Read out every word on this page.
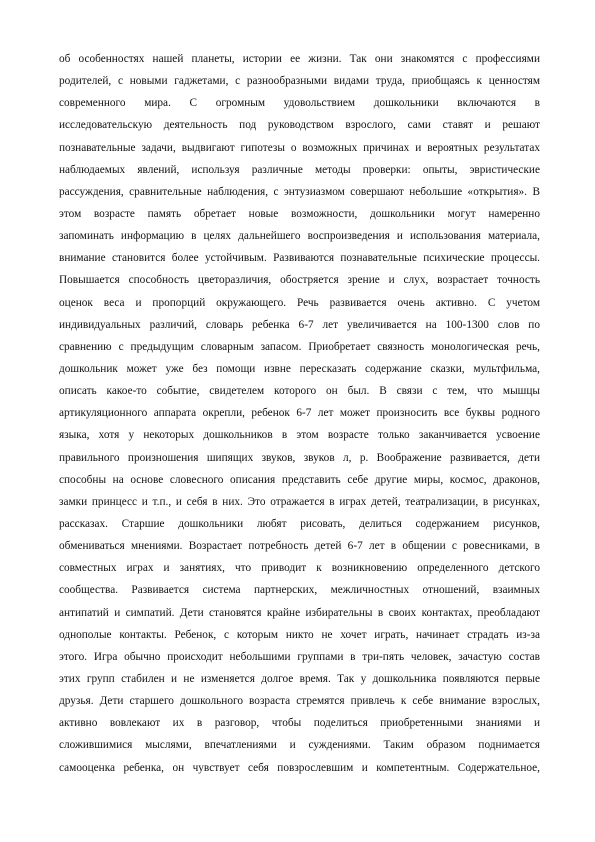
об особенностях нашей планеты, истории ее жизни. Так они знакомятся с профессиями
родителей, с новыми гаджетами, с разнообразными видами труда, приобщаясь к ценностям
современного мира. С огромным удовольствием дошкольники включаются в
исследовательскую деятельность под руководством взрослого, сами ставят и решают
познавательные задачи, выдвигают гипотезы о возможных причинах и вероятных результатах
наблюдаемых явлений, используя различные методы проверки: опыты, эвристические
рассуждения, сравнительные наблюдения, с энтузиазмом совершают небольшие «открытия». В
этом возрасте память обретает новые возможности, дошкольники могут намеренно
запоминать информацию в целях дальнейшего воспроизведения и использования материала,
внимание становится более устойчивым. Развиваются познавательные психические процессы.
Повышается способность цветоразличия, обостряется зрение и слух, возрастает точность
оценок веса и пропорций окружающего. Речь развивается очень активно. С учетом
индивидуальных различий, словарь ребенка 6-7 лет увеличивается на 100-1300 слов по
сравнению с предыдущим словарным запасом. Приобретает связность монологическая речь,
дошкольник может уже без помощи извне пересказать содержание сказки, мультфильма,
описать какое-то событие, свидетелем которого он был. В связи с тем, что мышцы
артикуляционного аппарата окрепли, ребенок 6-7 лет может произносить все буквы родного
языка, хотя у некоторых дошкольников в этом возрасте только заканчивается усвоение
правильного произношения шипящих звуков, звуков л, р. Воображение развивается, дети
способны на основе словесного описания представить себе другие миры, космос, драконов,
замки принцесс и т.п., и себя в них. Это отражается в играх детей, театрализации, в рисунках,
рассказах. Старшие дошкольники любят рисовать, делиться содержанием рисунков,
обмениваться мнениями. Возрастает потребность детей 6-7 лет в общении с ровесниками, в
совместных играх и занятиях, что приводит к возникновению определенного детского
сообщества. Развивается система партнерских, межличностных отношений, взаимных
антипатий и симпатий. Дети становятся крайне избирательны в своих контактах, преобладают
однополые контакты. Ребенок, с которым никто не хочет играть, начинает страдать из-за
этого. Игра обычно происходит небольшими группами в три-пять человек, зачастую состав
этих групп стабилен и не изменяется долгое время. Так у дошкольника появляются первые
друзья. Дети старшего дошкольного возраста стремятся привлечь к себе внимание взрослых,
активно вовлекают их в разговор, чтобы поделиться приобретенными знаниями и
сложившимися мыслями, впечатлениями и суждениями. Таким образом поднимается
самооценка ребенка, он чувствует себя повзрослевшим и компетентным. Содержательное,
